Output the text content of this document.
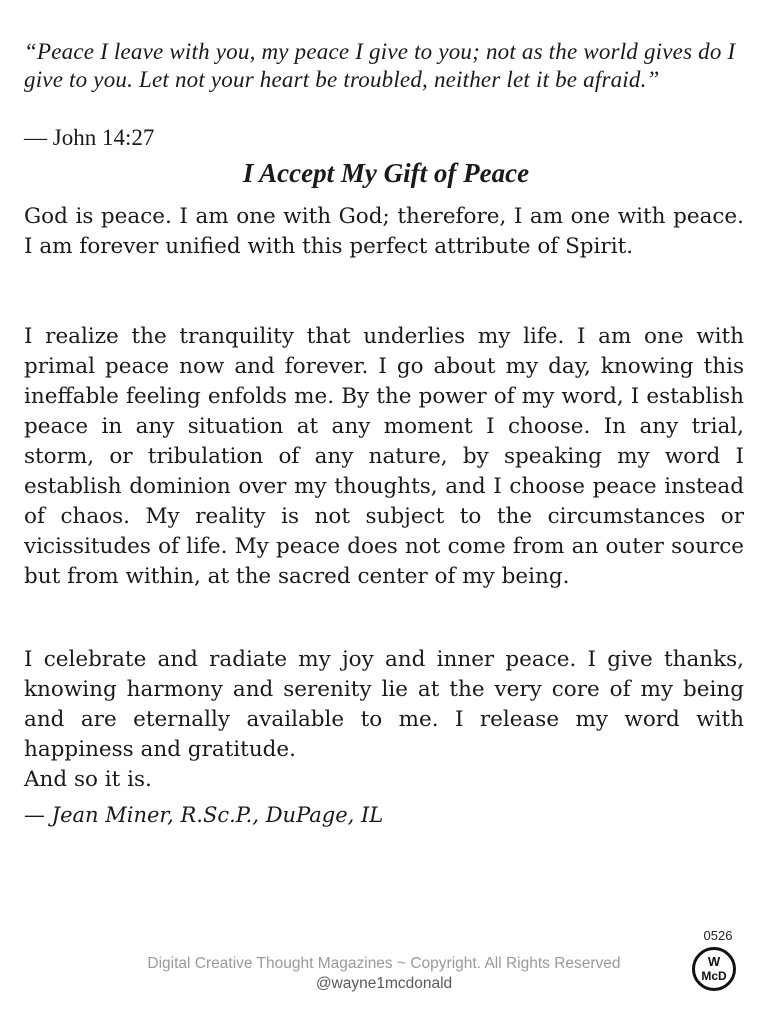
“Peace I leave with you, my peace I give to you; not as the world gives do I give to you. Let not your heart be troubled, neither let it be afraid.”
— John 14:27
I Accept My Gift of Peace

God is peace. I am one with God; therefore, I am one with peace. I am forever unified with this perfect attribute of Spirit.

I realize the tranquility that underlies my life. I am one with primal peace now and forever. I go about my day, knowing this ineffable feeling enfolds me. By the power of my word, I establish peace in any situation at any moment I choose. In any trial, storm, or tribulation of any nature, by speaking my word I establish dominion over my thoughts, and I choose peace instead of chaos. My reality is not subject to the circumstances or vicissitudes of life. My peace does not come from an outer source but from within, at the sacred center of my being.

I celebrate and radiate my joy and inner peace. I give thanks, knowing harmony and serenity lie at the very core of my being and are eternally available to me. I release my word with happiness and gratitude.

And so it is.
— Jean Miner, R.Sc.P., DuPage, IL
Digital Creative Thought Magazines ~ Copyright. All Rights Reserved
@wayne1mcdonald
0526
W
McD
